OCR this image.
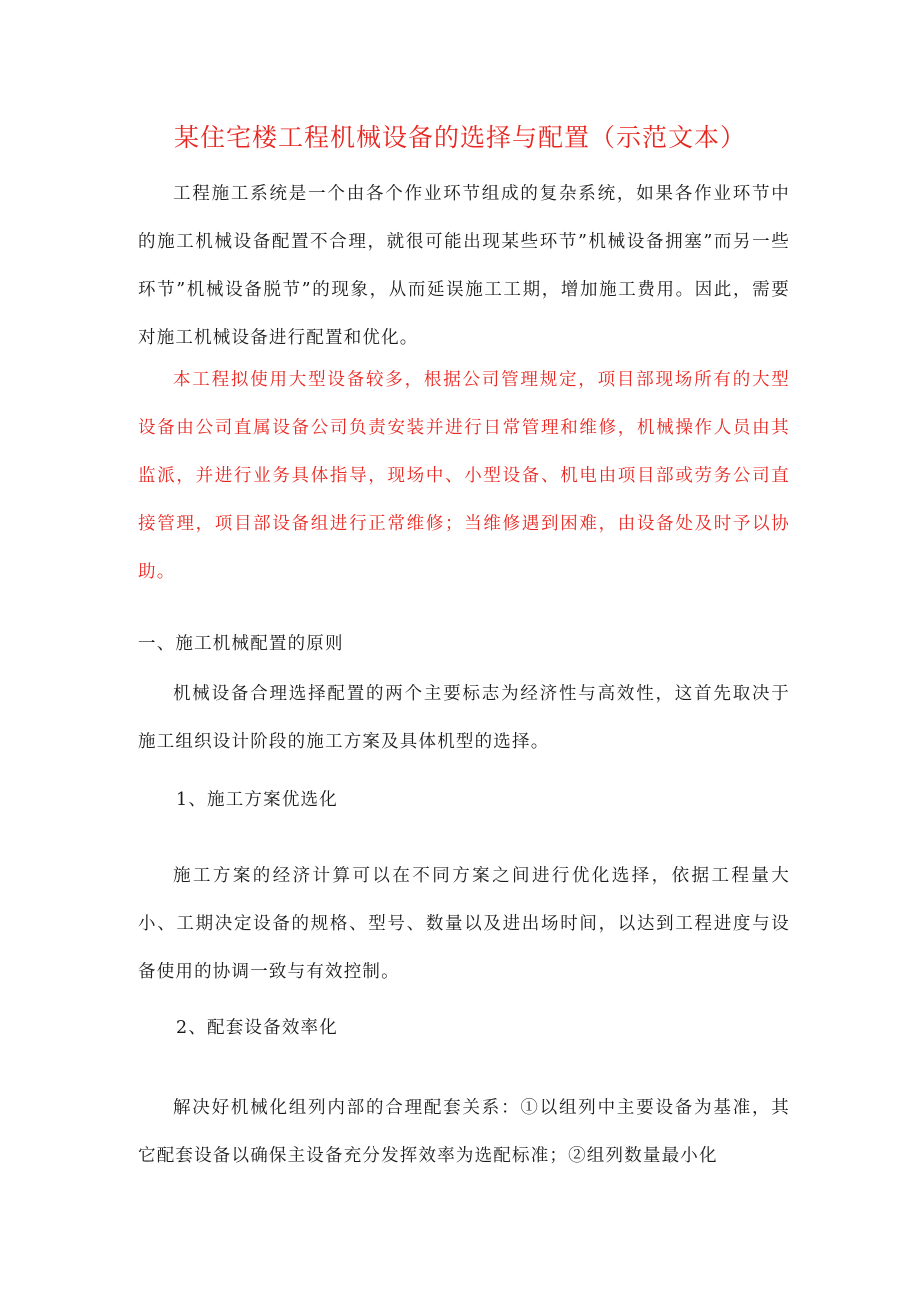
某住宅楼工程机械设备的选择与配置（示范文本）
工程施工系统是一个由各个作业环节组成的复杂系统，如果各作业环节中的施工机械设备配置不合理，就很可能出现某些环节”机械设备拥塞”而另一些环节”机械设备脱节”的现象，从而延误施工工期，增加施工费用。因此，需要对施工机械设备进行配置和优化。
本工程拟使用大型设备较多，根据公司管理规定，项目部现场所有的大型设备由公司直属设备公司负责安装并进行日常管理和维修，机械操作人员由其监派，并进行业务具体指导，现场中、小型设备、机电由项目部或劳务公司直接管理，项目部设备组进行正常维修；当维修遇到困难，由设备处及时予以协助。
一、施工机械配置的原则
机械设备合理选择配置的两个主要标志为经济性与高效性，这首先取决于施工组织设计阶段的施工方案及具体机型的选择。
1、施工方案优选化
施工方案的经济计算可以在不同方案之间进行优化选择，依据工程量大小、工期决定设备的规格、型号、数量以及进出场时间，以达到工程进度与设备使用的协调一致与有效控制。
2、配套设备效率化
解决好机械化组列内部的合理配套关系：①以组列中主要设备为基准，其它配套设备以确保主设备充分发挥效率为选配标准；②组列数量最小化
